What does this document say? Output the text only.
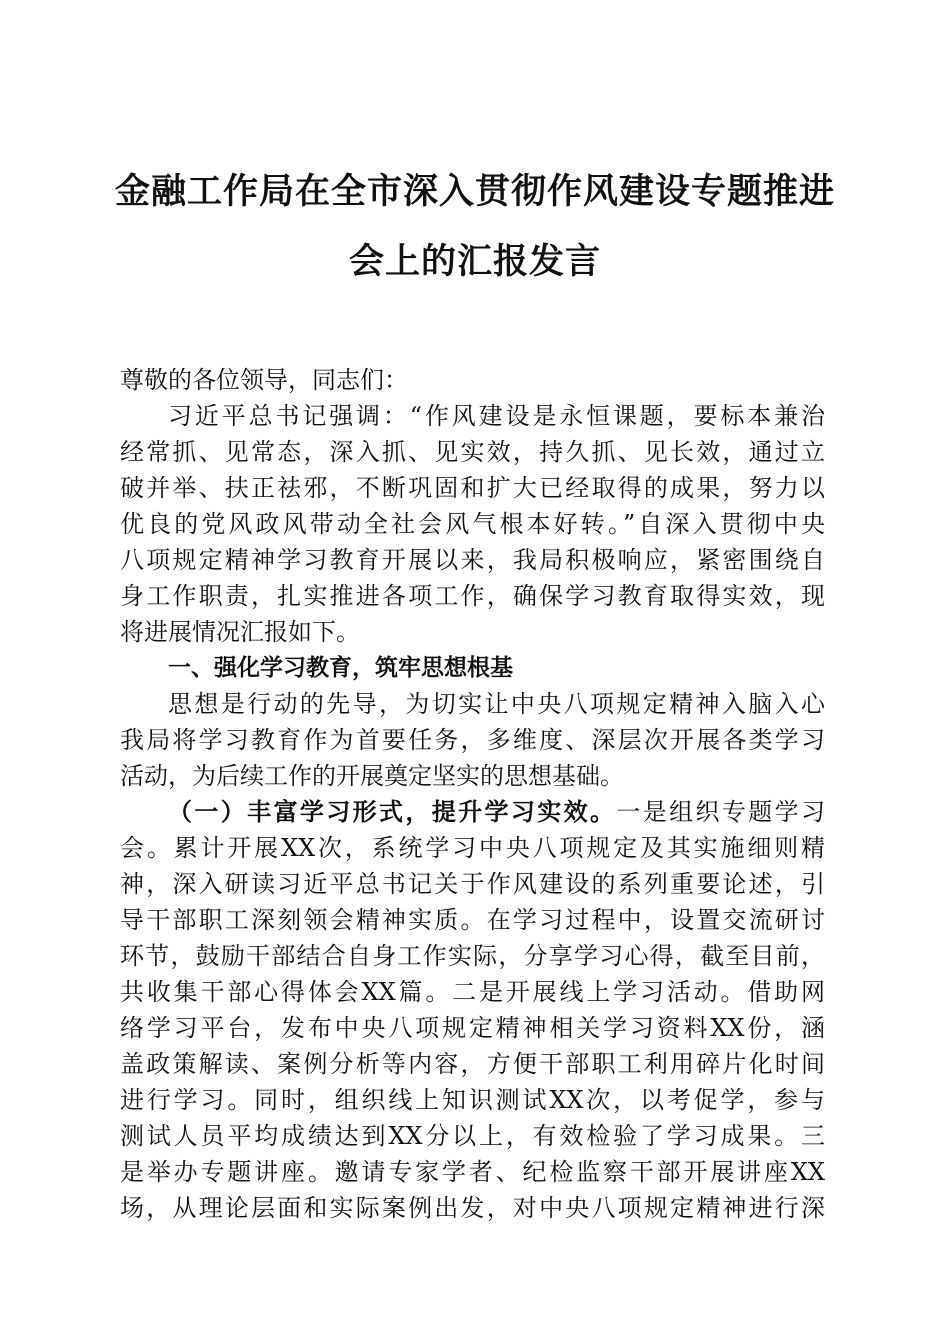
金融工作局在全市深入贯彻作风建设专题推进
会上的汇报发言
尊敬的各位领导，同志们：
习近平总书记强调：“作风建设是永恒课题，要标本兼治
经常抓、见常态，深入抓、见实效，持久抓、见长效，通过立
破并举、扶正祛邪，不断巩固和扩大已经取得的成果，努力以
优良的党风政风带动全社会风气根本好转。”自深入贯彻中央
八项规定精神学习教育开展以来，我局积极响应，紧密围绕自
身工作职责，扎实推进各项工作，确保学习教育取得实效，现
将进展情况汇报如下。
一、强化学习教育，筑牢思想根基
思想是行动的先导，为切实让中央八项规定精神入脑入心
我局将学习教育作为首要任务，多维度、深层次开展各类学习
活动，为后续工作的开展奠定坚实的思想基础。
（一）丰富学习形式，提升学习实效。一是组织专题学习
会。累计开展XX次，系统学习中央八项规定及其实施细则精
神，深入研读习近平总书记关于作风建设的系列重要论述，引
导干部职工深刻领会精神实质。在学习过程中，设置交流研讨
环节，鼓励干部结合自身工作实际，分享学习心得，截至目前，
共收集干部心得体会XX篇。二是开展线上学习活动。借助网
络学习平台，发布中央八项规定精神相关学习资料XX份，涵
盖政策解读、案例分析等内容，方便干部职工利用碎片化时间
进行学习。同时，组织线上知识测试XX次，以考促学，参与
测试人员平均成绩达到XX分以上，有效检验了学习成果。三
是举办专题讲座。邀请专家学者、纪检监察干部开展讲座XX
场，从理论层面和实际案例出发，对中央八项规定精神进行深
